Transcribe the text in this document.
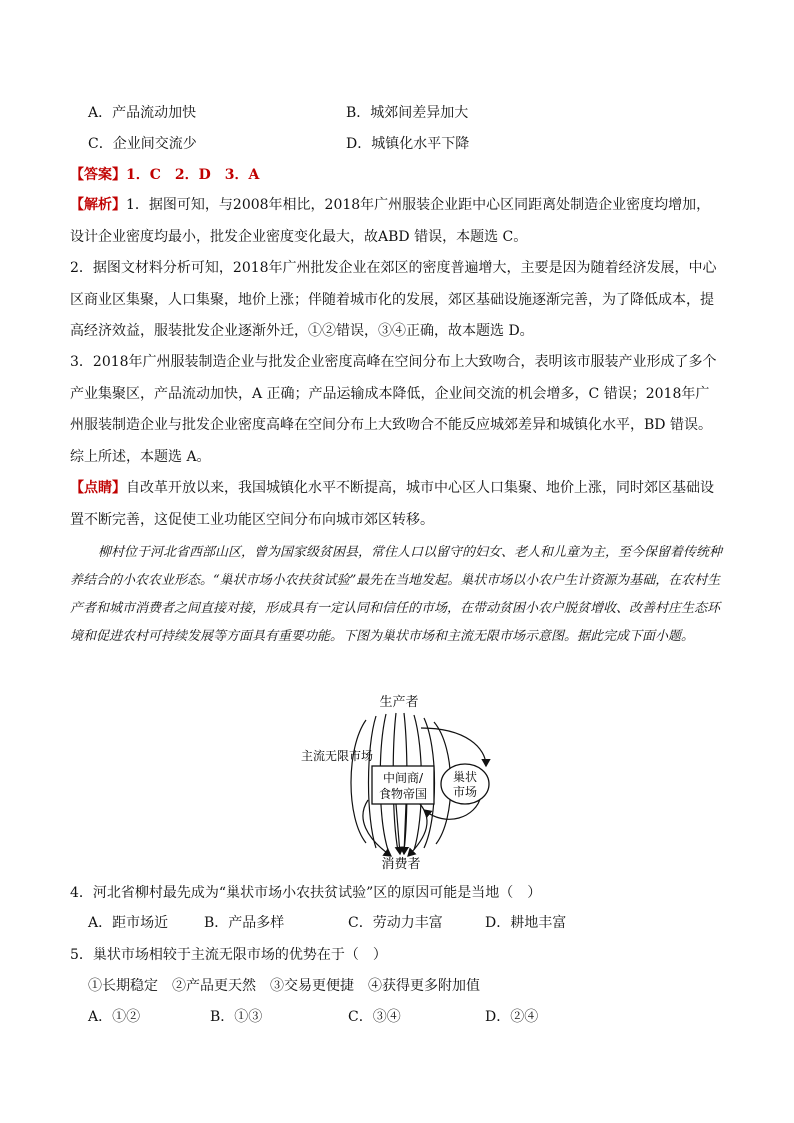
A．产品流动加快	B．城郊间差异加大
C．企业间交流少	D．城镇化水平下降
【答案】1．C　2．D　3．A
【解析】1．据图可知，与2008年相比，2018年广州服装企业距中心区同距离处制造企业密度均增加，设计企业密度均最小，批发企业密度变化最大，故ABD 错误，本题选 C。
2．据图文材料分析可知，2018年广州批发企业在郊区的密度普遍增大，主要是因为随着经济发展，中心区商业区集聚，人口集聚，地价上涨；伴随着城市化的发展，郊区基础设施逐渐完善，为了降低成本，提高经济效益，服装批发企业逐渐外迁，①②错误，③④正确，故本题选 D。
3．2018年广州服装制造企业与批发企业密度高峰在空间分布上大致吻合，表明该市服装产业形成了多个产业集聚区，产品流动加快，A 正确；产品运输成本降低，企业间交流的机会增多，C 错误；2018年广州服装制造企业与批发企业密度高峰在空间分布上大致吻合不能反应城郊差异和城镇化水平，BD 错误。综上所述，本题选 A。
【点睛】自改革开放以来，我国城镇化水平不断提高，城市中心区人口集聚、地价上涨，同时郊区基础设置不断完善，这促使工业功能区空间分布向城市郊区转移。
柳村位于河北省西部山区，曾为国家级贫困县，常住人口以留守的妇女、老人和儿童为主，至今保留着传统种养结合的小农农业形态。“巢状市场小农扶贫试验”最先在当地发起。巢状市场以小农户生计资源为基础，在农村生产者和城市消费者之间直接对接，形成具有一定认同和信任的市场，在带动贫困小农户脱贫增收、改善村庄生态环境和促进农村可持续发展等方面具有重要功能。下图为巢状市场和主流无限市场示意图。据此完成下面小题。
生产者
主流无限市场
中间商/
食物帝国
巢状
市场
消费者
4．河北省柳村最先成为“巢状市场小农扶贫试验”区的原因可能是当地（　）
A．距市场近	B．产品多样	C．劳动力丰富	D．耕地丰富
5．巢状市场相较于主流无限市场的优势在于（　）
①长期稳定　②产品更天然　③交易更便捷　④获得更多附加值
A．①②	B．①③	C．③④	D．②④
